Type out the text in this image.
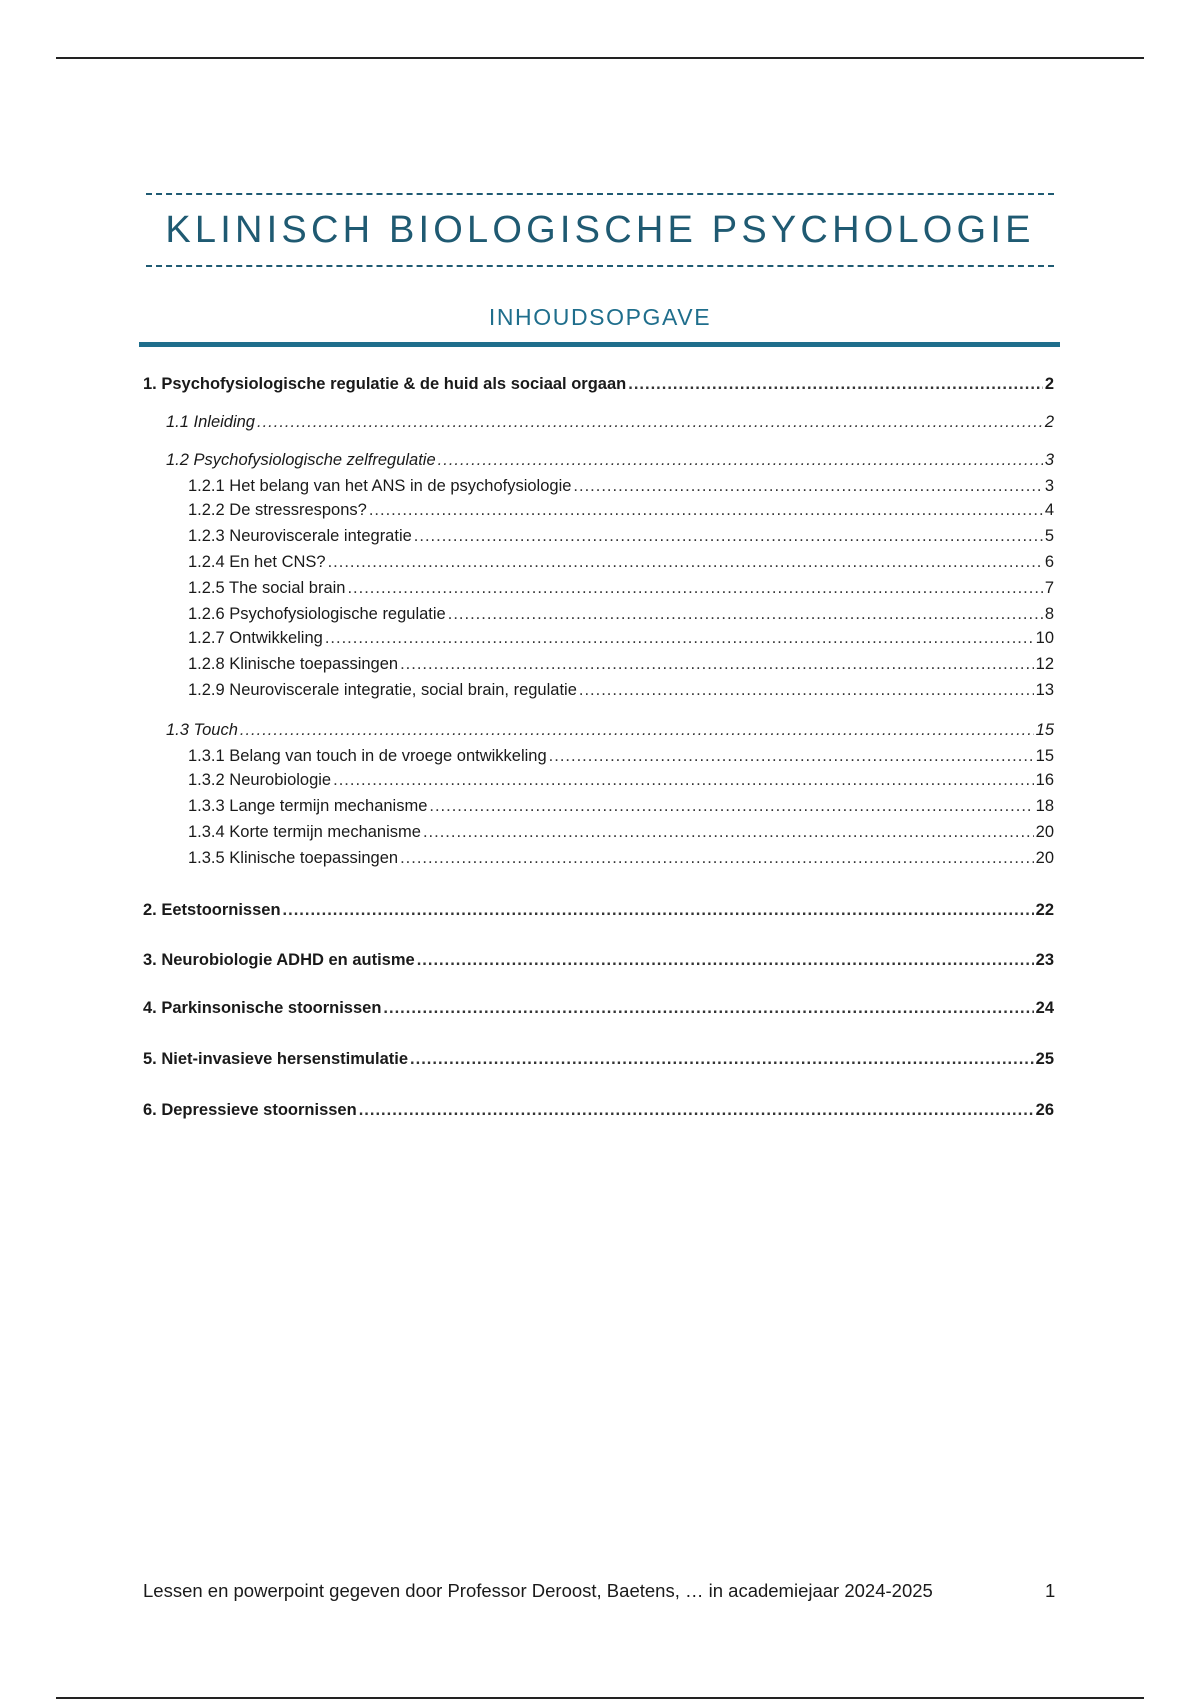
KLINISCH BIOLOGISCHE PSYCHOLOGIE
INHOUDSOPGAVE
1. Psychofysiologische regulatie & de huid als sociaal orgaan .....	2
1.1 Inleiding .....	2
1.2 Psychofysiologische zelfregulatie .....	3
1.2.1 Het belang van het ANS in de psychofysiologie .....	3
1.2.2 De stressrespons? .....	4
1.2.3 Neuroviscerale integratie .....	5
1.2.4 En het CNS? .....	6
1.2.5 The social brain .....	7
1.2.6 Psychofysiologische regulatie .....	8
1.2.7 Ontwikkeling .....	10
1.2.8 Klinische toepassingen .....	12
1.2.9 Neuroviscerale integratie, social brain, regulatie .....	13
1.3 Touch .....	15
1.3.1 Belang van touch in de vroege ontwikkeling .....	15
1.3.2 Neurobiologie .....	16
1.3.3 Lange termijn mechanisme .....	18
1.3.4 Korte termijn mechanisme .....	20
1.3.5 Klinische toepassingen .....	20
2. Eetstoornissen .....	22
3. Neurobiologie ADHD en autisme .....	23
4. Parkinsonische stoornissen .....	24
5. Niet-invasieve hersenstimulatie .....	25
6. Depressieve stoornissen .....	26
Lessen en powerpoint gegeven door Professor Deroost, Baetens, … in academiejaar 2024-2025	1
